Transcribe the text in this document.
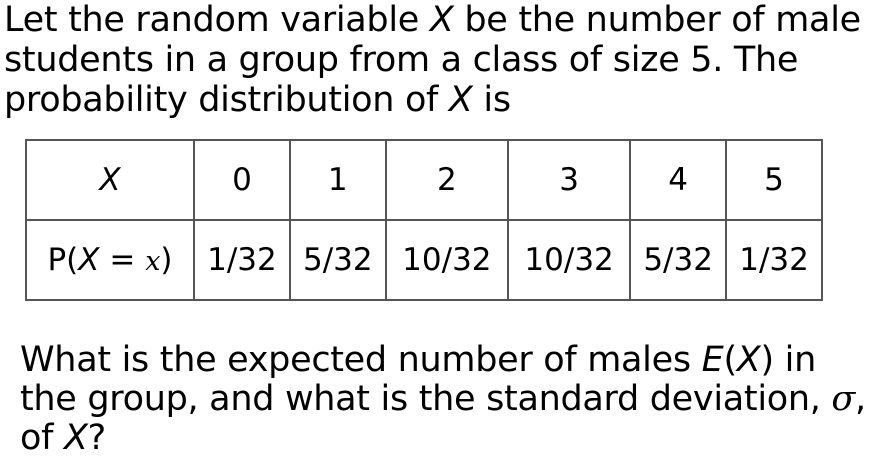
Let the random variable X be the number of male students in a group from a class of size 5. The probability distribution of X is
X	0	1	2	3	4	5
P(X = x)	1/32	5/32	10/32	10/32	5/32	1/32
What is the expected number of males E(X) in the group, and what is the standard deviation, σ, of X?
